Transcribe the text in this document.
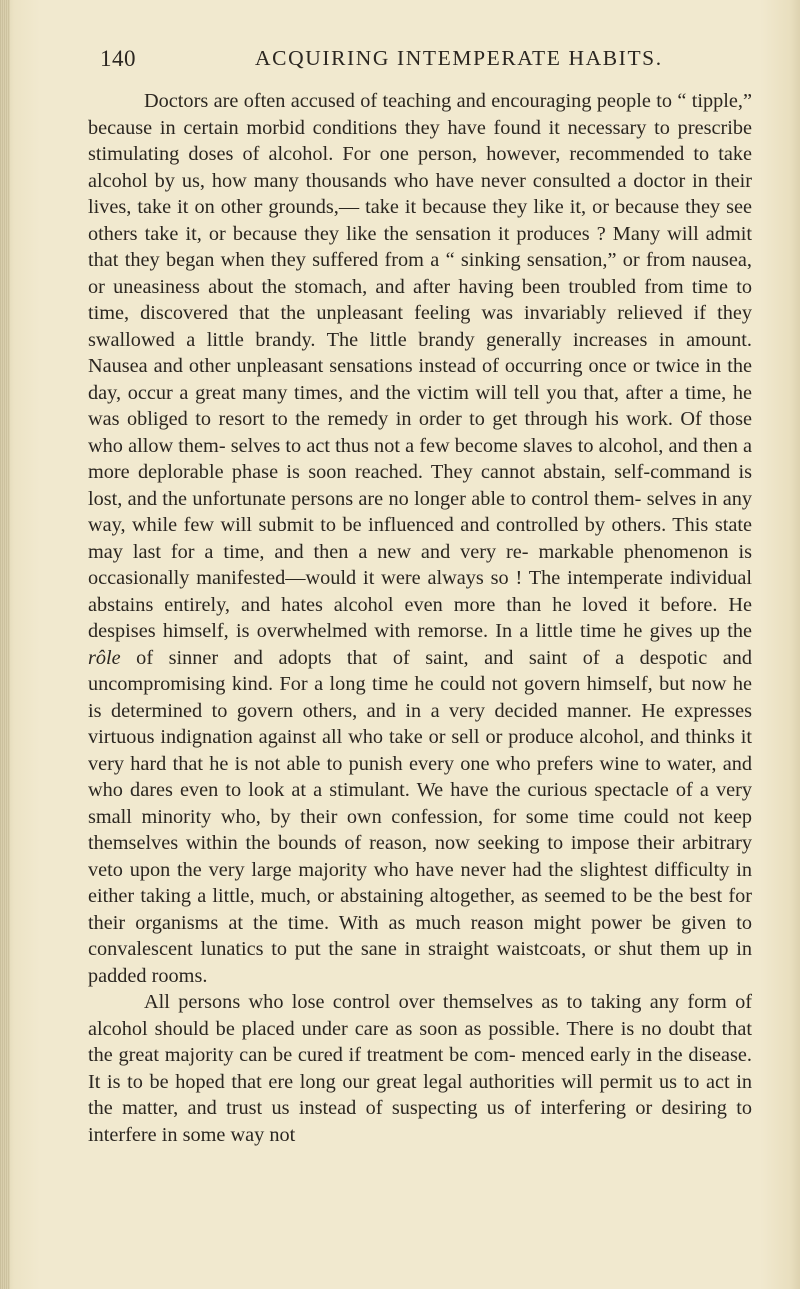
140	ACQUIRING INTEMPERATE HABITS.

Doctors are often accused of teaching and encouraging people to “ tipple,” because in certain morbid conditions they have found it necessary to prescribe stimulating doses of alcohol. For one person, however, recommended to take alcohol by us, how many thousands who have never consulted a doctor in their lives, take it on other grounds,— take it because they like it, or because they see others take it, or because they like the sensation it produces ? Many will admit that they began when they suffered from a “ sinking sensation,” or from nausea, or uneasiness about the stomach, and after having been troubled from time to time, discovered that the unpleasant feeling was invariably relieved if they swallowed a little brandy. The little brandy generally increases in amount. Nausea and other unpleasant sensations instead of occurring once or twice in the day, occur a great many times, and the victim will tell you that, after a time, he was obliged to resort to the remedy in order to get through his work. Of those who allow them- selves to act thus not a few become slaves to alcohol, and then a more deplorable phase is soon reached. They cannot abstain, self-command is lost, and the unfortunate persons are no longer able to control them- selves in any way, while few will submit to be influenced and controlled by others. This state may last for a time, and then a new and very re- markable phenomenon is occasionally manifested—would it were always so ! The intemperate individual abstains entirely, and hates alcohol even more than he loved it before. He despises himself, is overwhelmed with remorse. In a little time he gives up the rôle of sinner and adopts that of saint, and saint of a despotic and uncompromising kind. For a long time he could not govern himself, but now he is determined to govern others, and in a very decided manner. He expresses virtuous indignation against all who take or sell or produce alcohol, and thinks it very hard that he is not able to punish every one who prefers wine to water, and who dares even to look at a stimulant. We have the curious spectacle of a very small minority who, by their own confession, for some time could not keep themselves within the bounds of reason, now seeking to impose their arbitrary veto upon the very large majority who have never had the slightest difficulty in either taking a little, much, or abstaining altogether, as seemed to be the best for their organisms at the time. With as much reason might power be given to convalescent lunatics to put the sane in straight waistcoats, or shut them up in padded rooms.

All persons who lose control over themselves as to taking any form of alcohol should be placed under care as soon as possible. There is no doubt that the great majority can be cured if treatment be com- menced early in the disease. It is to be hoped that ere long our great legal authorities will permit us to act in the matter, and trust us instead of suspecting us of interfering or desiring to interfere in some way not
